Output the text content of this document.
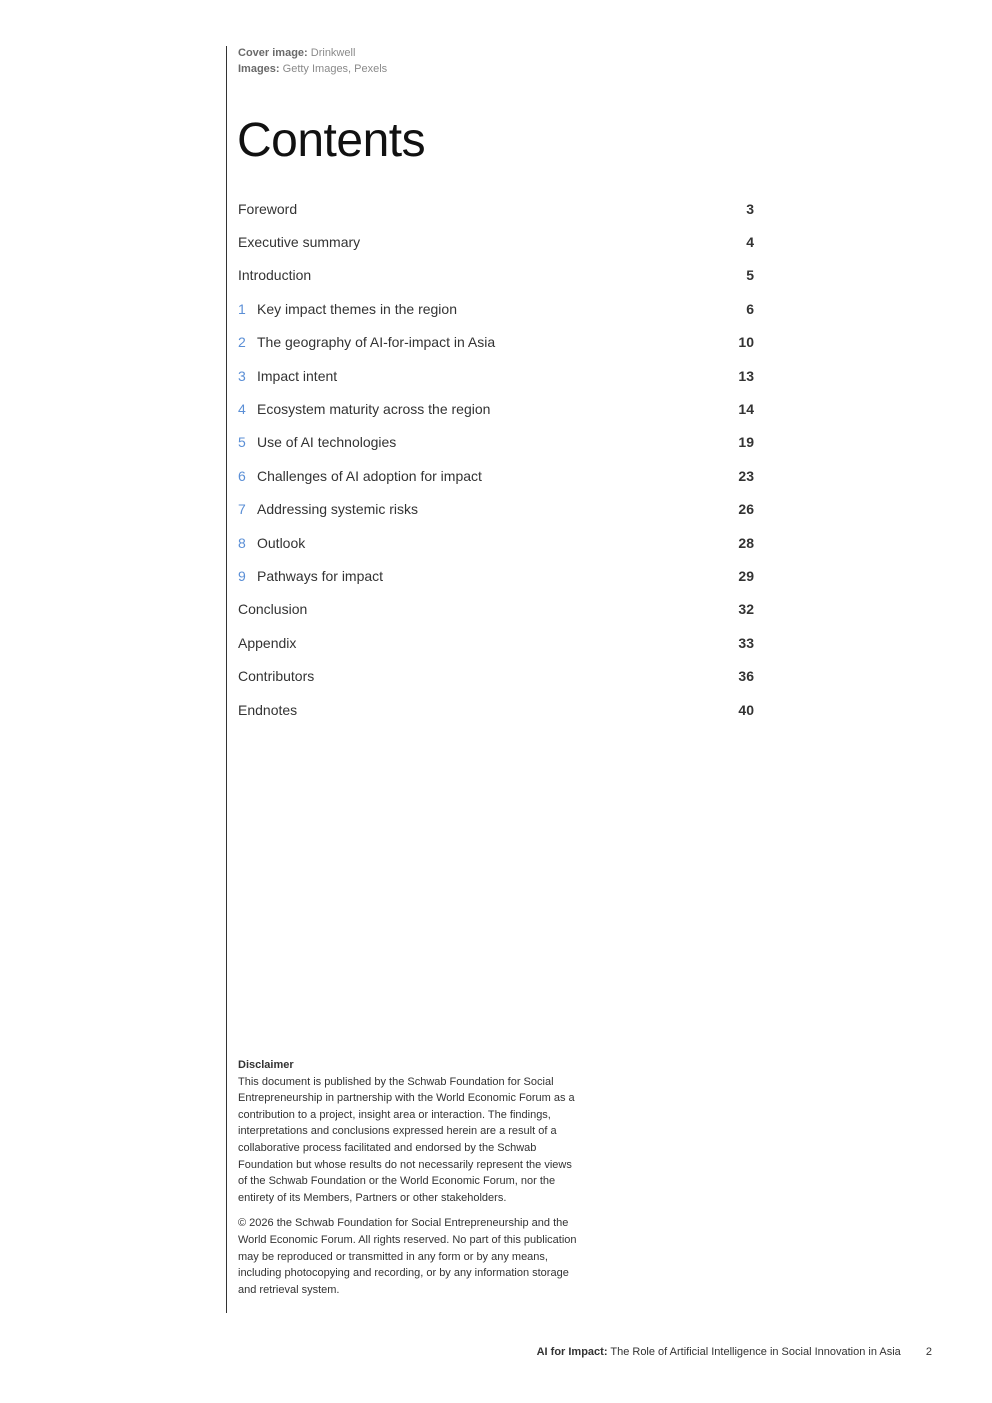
Cover image: Drinkwell
Images: Getty Images, Pexels
Contents
Foreword	3
Executive summary	4
Introduction	5
1 Key impact themes in the region	6
2 The geography of AI-for-impact in Asia	10
3 Impact intent	13
4 Ecosystem maturity across the region	14
5 Use of AI technologies	19
6 Challenges of AI adoption for impact	23
7 Addressing systemic risks	26
8 Outlook	28
9 Pathways for impact	29
Conclusion	32
Appendix	33
Contributors	36
Endnotes	40

Disclaimer

This document is published by the Schwab Foundation for Social Entrepreneurship in partnership with the World Economic Forum as a contribution to a project, insight area or interaction. The findings, interpretations and conclusions expressed herein are a result of a collaborative process facilitated and endorsed by the Schwab Foundation but whose results do not necessarily represent the views of the Schwab Foundation or the World Economic Forum, nor the entirety of its Members, Partners or other stakeholders.

© 2026 the Schwab Foundation for Social Entrepreneurship and the World Economic Forum. All rights reserved. No part of this publication may be reproduced or transmitted in any form or by any means, including photocopying and recording, or by any information storage and retrieval system.

AI for Impact: The Role of Artificial Intelligence in Social Innovation in Asia 2
